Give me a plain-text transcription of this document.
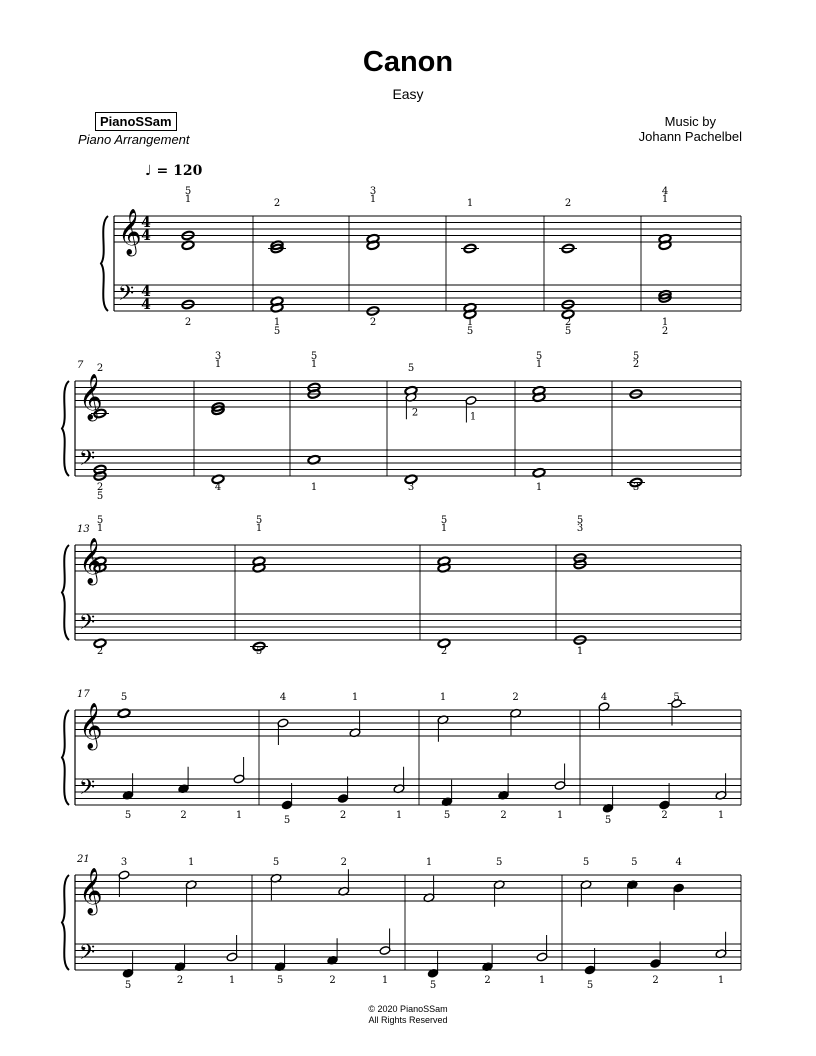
Canon
Easy
PianoSSam
Piano Arrangement
Music by
Johann Pachelbel
♩ = 120
𝄞
𝄢
4
4
4
4
5
1
2
2
1
5
3
1
2
1
1
5
2
2
5
4
1
1
2
𝄞
𝄢
7 2
2
5
3
1
4
5
1
1
2	1
5
3
5
1
1
5
2
3
𝄞
𝄢
13
5
1
2
5
1
5
5
1
2
5
3
1
𝄞
𝄢
17	5
5	2	1
4	1
5	2	1
1	2
5	2	1
4	5
5	2	1
𝄞
𝄢
21	3	1
5	2	1
5	2
5	2	1
1	5
5	2	1
5	5	4
5	2	1
© 2020 PianoSSam
All Rights Reserved
